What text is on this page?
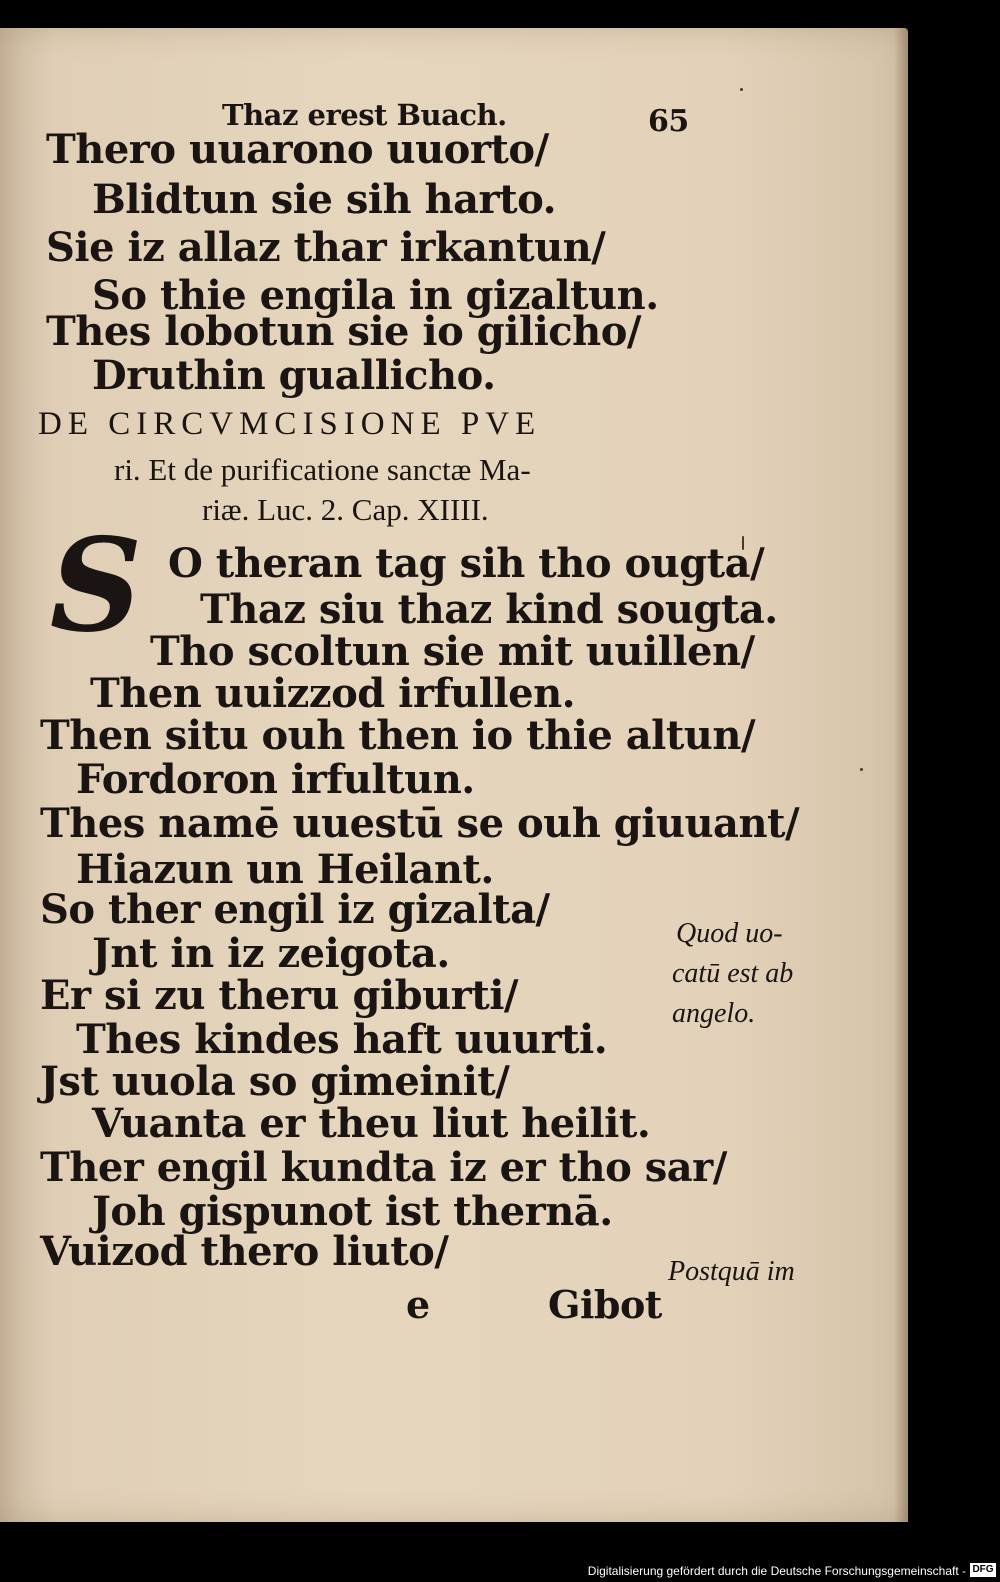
Thaz erest Buach.	65
Thero uuarono uuorto/
Blidtun sie sih harto.
Sie iz allaz thar irkantun/
So thie engila in gizaltun.
Thes lobotun sie io gilicho/
Druthin guallicho.
DE CIRCVMCISIONE PVE
ri. Et de purificatione sanctæ Ma-
riæ. Luc. 2. Cap. XIIII.
S O theran tag sih tho ougta/
Thaz siu thaz kind sougta.
Tho scoltun sie mit uuillen/
Then uuizzod irfullen.
Then situ ouh then io thie altun/
Fordoron irfultun.
Thes namē uuestū se ouh giuuant/
Hiazun un Heilant.
So ther engil iz gizalta/
Jnt in iz zeigota.
Er si zu theru giburti/
Thes kindes haft uuurti.
Jst uuola so gimeinit/
Vuanta er theu liut heilit.
Ther engil kundta iz er tho sar/
Joh gispunot ist thernā.
Vuizod thero liuto/
e	Gibot
Quod uo-
catū est ab
angelo.
Postquā im
Digitalisierung gefördert durch die Deutsche Forschungsgemeinschaft - DFG
